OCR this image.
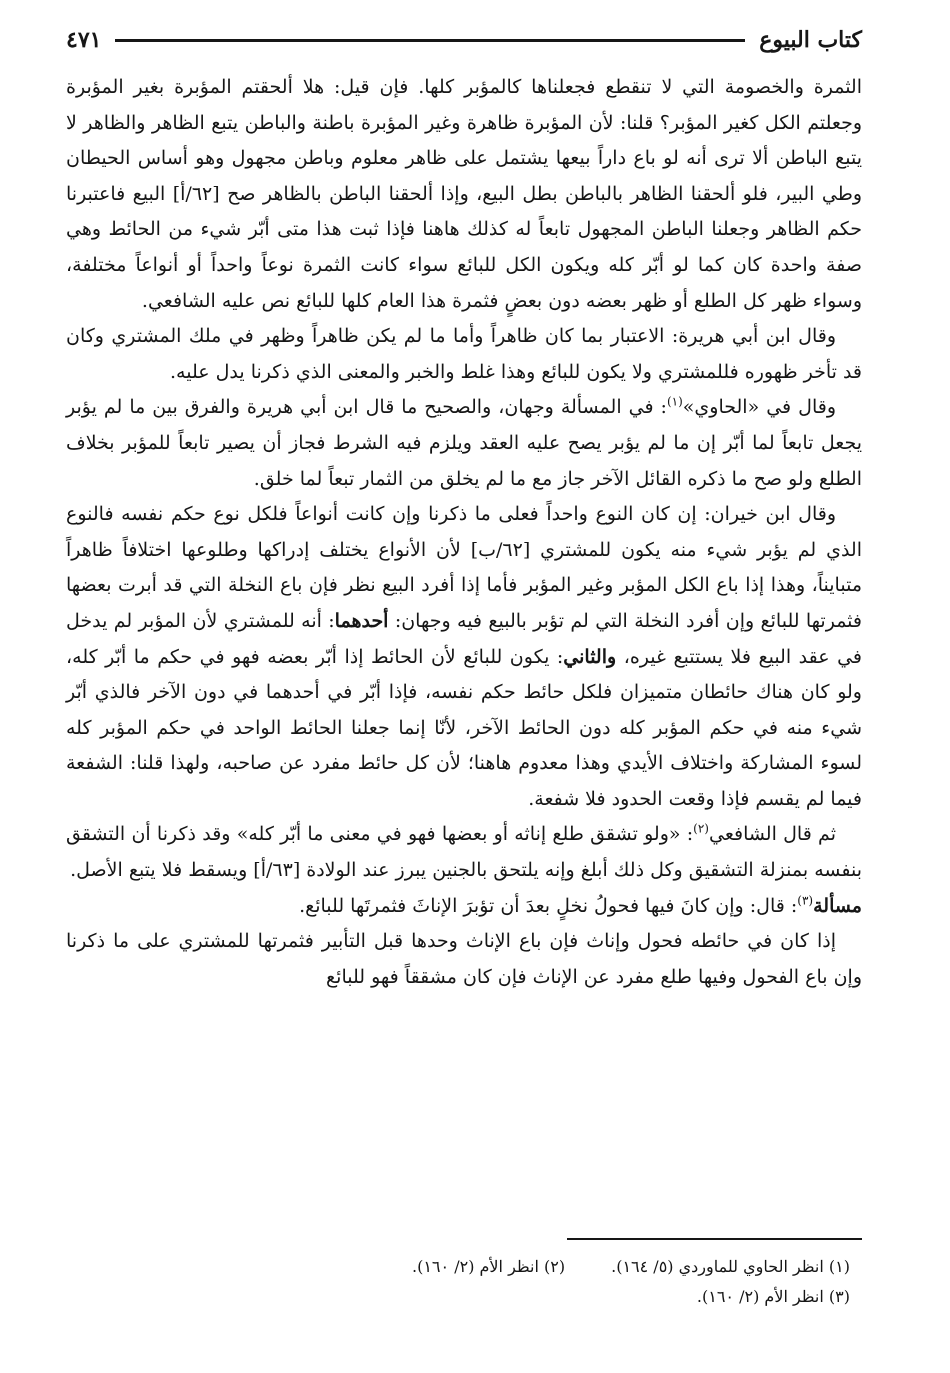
كتاب البيوع
٤٧١

الثمرة والخصومة التي لا تنقطع فجعلناها كالمؤبر كلها. فإن قيل: هلا ألحقتم المؤبرة بغير المؤبرة وجعلتم الكل كغير المؤبر؟ قلنا: لأن المؤبرة ظاهرة وغير المؤبرة باطنة والباطن يتبع الظاهر والظاهر لا يتبع الباطن ألا ترى أنه لو باع داراً بيعها يشتمل على ظاهر معلوم وباطن مجهول وهو أساس الحيطان وطي البير، فلو ألحقنا الظاهر بالباطن بطل البيع، وإذا ألحقنا الباطن بالظاهر صح [٦٢/أ] البيع فاعتبرنا حكم الظاهر وجعلنا الباطن المجهول تابعاً له كذلك هاهنا فإذا ثبت هذا متى أبّر شيء من الحائط وهي صفة واحدة كان كما لو أبّر كله ويكون الكل للبائع سواء كانت الثمرة نوعاً واحداً أو أنواعاً مختلفة، وسواء ظهر كل الطلع أو ظهر بعضه دون بعضٍ فثمرة هذا العام كلها للبائع نص عليه الشافعي.

وقال ابن أبي هريرة: الاعتبار بما كان ظاهراً وأما ما لم يكن ظاهراً وظهر في ملك المشتري وكان قد تأخر ظهوره فللمشتري ولا يكون للبائع وهذا غلط والخبر والمعنى الذي ذكرنا يدل عليه.

وقال في «الحاوي»$^{(١)}$: في المسألة وجهان، والصحيح ما قال ابن أبي هريرة والفرق بين ما لم يؤبر يجعل تابعاً لما أبّر إن ما لم يؤبر يصح عليه العقد ويلزم فيه الشرط فجاز أن يصير تابعاً للمؤبر بخلاف الطلع ولو صح ما ذكره القائل الآخر جاز مع ما لم يخلق من الثمار تبعاً لما خلق.

وقال ابن خيران: إن كان النوع واحداً فعلى ما ذكرنا وإن كانت أنواعاً فلكل نوع حكم نفسه فالنوع الذي لم يؤبر شيء منه يكون للمشتري [٦٢/ب] لأن الأنواع يختلف إدراكها وطلوعها اختلافاً ظاهراً متبايناً، وهذا إذا باع الكل المؤبر وغير المؤبر فأما إذا أفرد البيع نظر فإن باع النخلة التي قد أبرت بعضها فثمرتها للبائع وإن أفرد النخلة التي لم تؤبر بالبيع فيه وجهان: أحدهما: أنه للمشتري لأن المؤبر لم يدخل في عقد البيع فلا يستتبع غيره، والثاني: يكون للبائع لأن الحائط إذا أبّر بعضه فهو في حكم ما أبّر كله، ولو كان هناك حائطان متميزان فلكل حائط حكم نفسه، فإذا أبّر في أحدهما في دون الآخر فالذي أبّر شيء منه في حكم المؤبر كله دون الحائط الآخر، لأنّا إنما جعلنا الحائط الواحد في حكم المؤبر كله لسوء المشاركة واختلاف الأيدي وهذا معدوم هاهنا؛ لأن كل حائط مفرد عن صاحبه، ولهذا قلنا: الشفعة فيما لم يقسم فإذا وقعت الحدود فلا شفعة.

ثم قال الشافعي$^{(٢)}$: «ولو تشقق طلع إناثه أو بعضها فهو في معنى ما أبّر كله» وقد ذكرنا أن التشقق بنفسه بمنزلة التشقيق وكل ذلك أبلغ وإنه يلتحق بالجنين يبرز عند الولادة [٦٣/أ] ويسقط فلا يتبع الأصل.

مسألة$^{(٣)}$: قال: وإن كانَ فيها فحولُ نخلٍ بعدَ أن تؤبرَ الإناثَ فثمرتَها للبائع.

إذا كان في حائطه فحول وإناث فإن باع الإناث وحدها قبل التأبير فثمرتها للمشتري على ما ذكرنا وإن باع الفحول وفيها طلع مفرد عن الإناث فإن كان مشققاً فهو للبائع

(١) انظر الحاوي للماوردي (٥/ ١٦٤).
(٢) انظر الأم (٢/ ١٦٠).
(٣) انظر الأم (٢/ ١٦٠).
